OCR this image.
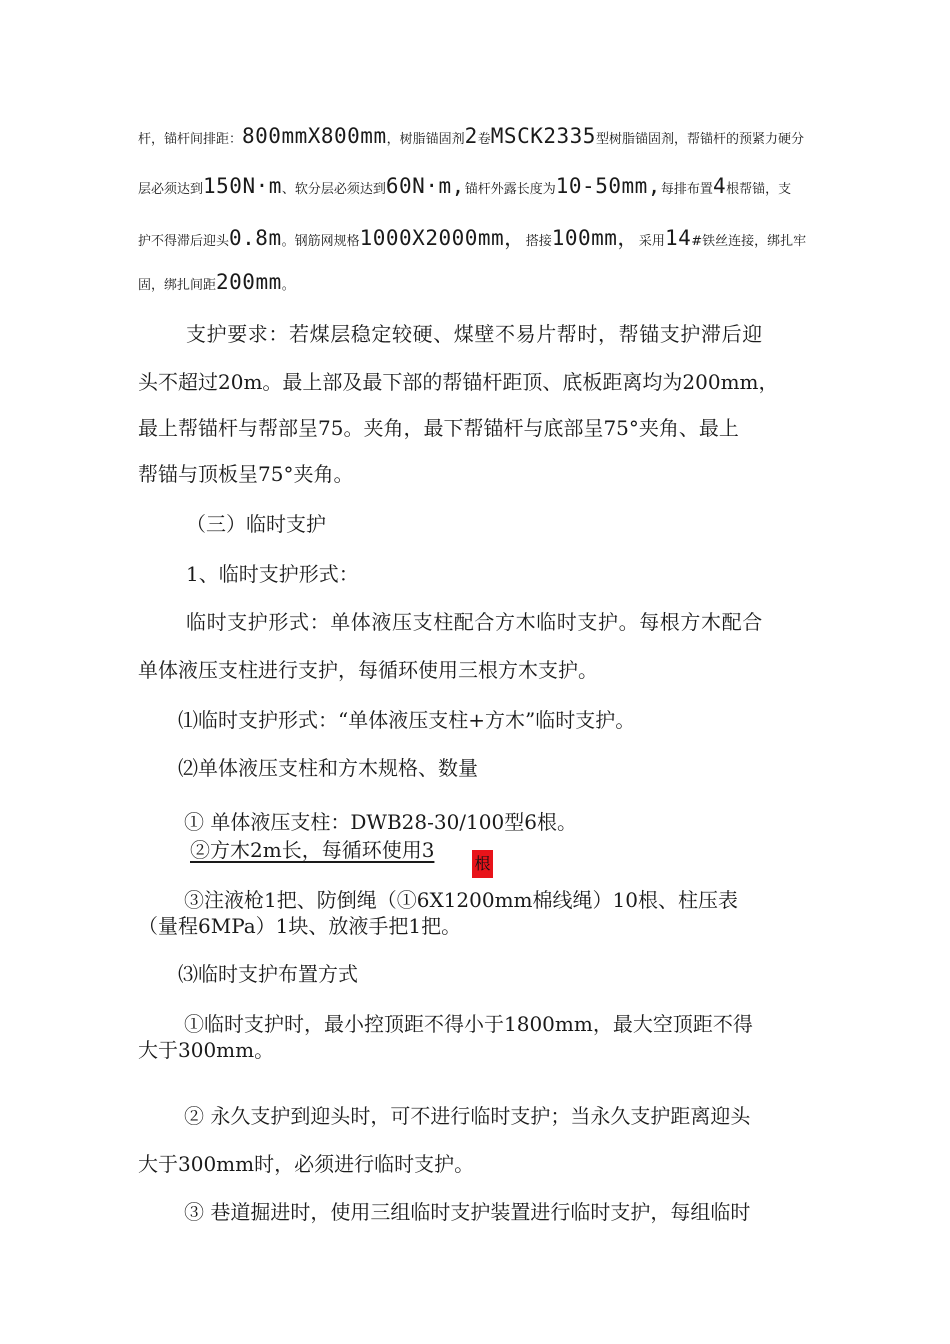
杆，锚杆间排距：800mmX800mm，树脂锚固剂2卷MSCK2335型树脂锚固剂，帮锚杆的预紧力硬分
层必须达到150N·m、软分层必须达到60N·m,锚杆外露长度为10-50mm,每排布置4根帮锚，支
护不得滞后迎头0.8m。钢筋网规格1000X2000mm，搭接100mm，采用14#铁丝连接，绑扎牢
固，绑扎间距200mm。
支护要求：若煤层稳定较硬、煤壁不易片帮时，帮锚支护滞后迎
头不超过20m。最上部及最下部的帮锚杆距顶、底板距离均为200mm，
最上帮锚杆与帮部呈75。夹角，最下帮锚杆与底部呈75°夹角、最上
帮锚与顶板呈75°夹角。
（三）临时支护
1、临时支护形式：
临时支护形式：单体液压支柱配合方木临时支护。每根方木配合
单体液压支柱进行支护，每循环使用三根方木支护。
⑴临时支护形式：“单体液压支柱+方木”临时支护。
⑵单体液压支柱和方木规格、数量
① 单体液压支柱：DWB28-30/100型6根。
②方木2m长，每循环使用3
根
③注液枪1把、防倒绳（①6X1200mm棉线绳）10根、柱压表
（量程6MPa）1块、放液手把1把。
⑶临时支护布置方式
①临时支护时，最小控顶距不得小于1800mm，最大空顶距不得
大于300mm。
② 永久支护到迎头时，可不进行临时支护；当永久支护距离迎头
大于300mm时，必须进行临时支护。
③ 巷道掘进时，使用三组临时支护装置进行临时支护，每组临时
